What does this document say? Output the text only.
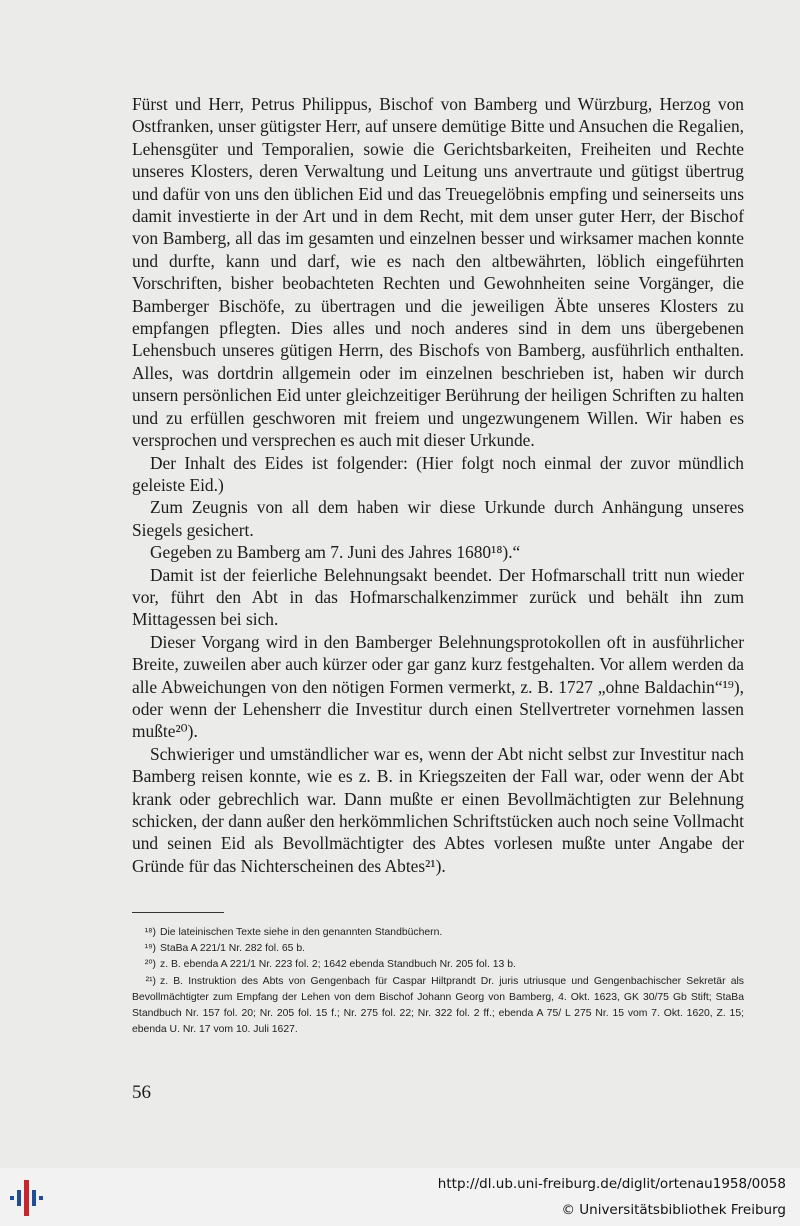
Fürst und Herr, Petrus Philippus, Bischof von Bamberg und Würzburg, Herzog von Ostfranken, unser gütigster Herr, auf unsere demütige Bitte und Ansuchen die Regalien, Lehensgüter und Temporalien, sowie die Gerichtsbarkeiten, Freiheiten und Rechte unseres Klosters, deren Verwaltung und Leitung uns anvertraute und gütigst übertrug und dafür von uns den üblichen Eid und das Treuegelöbnis empfing und seinerseits uns damit investierte in der Art und in dem Recht, mit dem unser guter Herr, der Bischof von Bamberg, all das im gesamten und einzelnen besser und wirksamer machen konnte und durfte, kann und darf, wie es nach den altbewährten, löblich eingeführten Vorschriften, bisher beobachteten Rechten und Gewohnheiten seine Vorgänger, die Bamberger Bischöfe, zu übertragen und die jeweiligen Äbte unseres Klosters zu empfangen pflegten. Dies alles und noch anderes sind in dem uns übergebenen Lehensbuch unseres gütigen Herrn, des Bischofs von Bamberg, ausführlich enthalten. Alles, was dortdrin allgemein oder im einzelnen beschrieben ist, haben wir durch unsern persönlichen Eid unter gleichzeitiger Berührung der heiligen Schriften zu halten und zu erfüllen geschworen mit freiem und ungezwungenem Willen. Wir haben es versprochen und versprechen es auch mit dieser Urkunde.

Der Inhalt des Eides ist folgender: (Hier folgt noch einmal der zuvor mündlich geleiste Eid.)

Zum Zeugnis von all dem haben wir diese Urkunde durch Anhängung unseres Siegels gesichert.

Gegeben zu Bamberg am 7. Juni des Jahres 1680¹⁸).“

Damit ist der feierliche Belehnungsakt beendet. Der Hofmarschall tritt nun wieder vor, führt den Abt in das Hofmarschalkenzimmer zurück und behält ihn zum Mittagessen bei sich.

Dieser Vorgang wird in den Bamberger Belehnungsprotokollen oft in ausführlicher Breite, zuweilen aber auch kürzer oder gar ganz kurz festgehalten. Vor allem werden da alle Abweichungen von den nötigen Formen vermerkt, z. B. 1727 „ohne Baldachin“¹⁹), oder wenn der Lehensherr die Investitur durch einen Stellvertreter vornehmen lassen mußte²⁰).

Schwieriger und umständlicher war es, wenn der Abt nicht selbst zur Investitur nach Bamberg reisen konnte, wie es z. B. in Kriegszeiten der Fall war, oder wenn der Abt krank oder gebrechlich war. Dann mußte er einen Bevollmächtigten zur Belehnung schicken, der dann außer den herkömmlichen Schriftstücken auch noch seine Vollmacht und seinen Eid als Bevollmächtigter des Abtes vorlesen mußte unter Angabe der Gründe für das Nichterscheinen des Abtes²¹).

¹⁸) Die lateinischen Texte siehe in den genannten Standbüchern.
¹⁹) StaBa A 221/1 Nr. 282 fol. 65 b.
²⁰) z. B. ebenda A 221/1 Nr. 223 fol. 2; 1642 ebenda Standbuch Nr. 205 fol. 13 b.
²¹) z. B. Instruktion des Abts von Gengenbach für Caspar Hiltprandt Dr. juris utriusque und Gengenbachischer Sekretär als Bevollmächtigter zum Empfang der Lehen von dem Bischof Johann Georg von Bamberg, 4. Okt. 1623, GK 30/75 Gb Stift; StaBa Standbuch Nr. 157 fol. 20; Nr. 205 fol. 15 f.; Nr. 275 fol. 22; Nr. 322 fol. 2 ff.; ebenda A 75/ L 275 Nr. 15 vom 7. Okt. 1620, Z. 15; ebenda U. Nr. 17 vom 10. Juli 1627.
56
http://dl.ub.uni-freiburg.de/diglit/ortenau1958/0058
© Universitätsbibliothek Freiburg
